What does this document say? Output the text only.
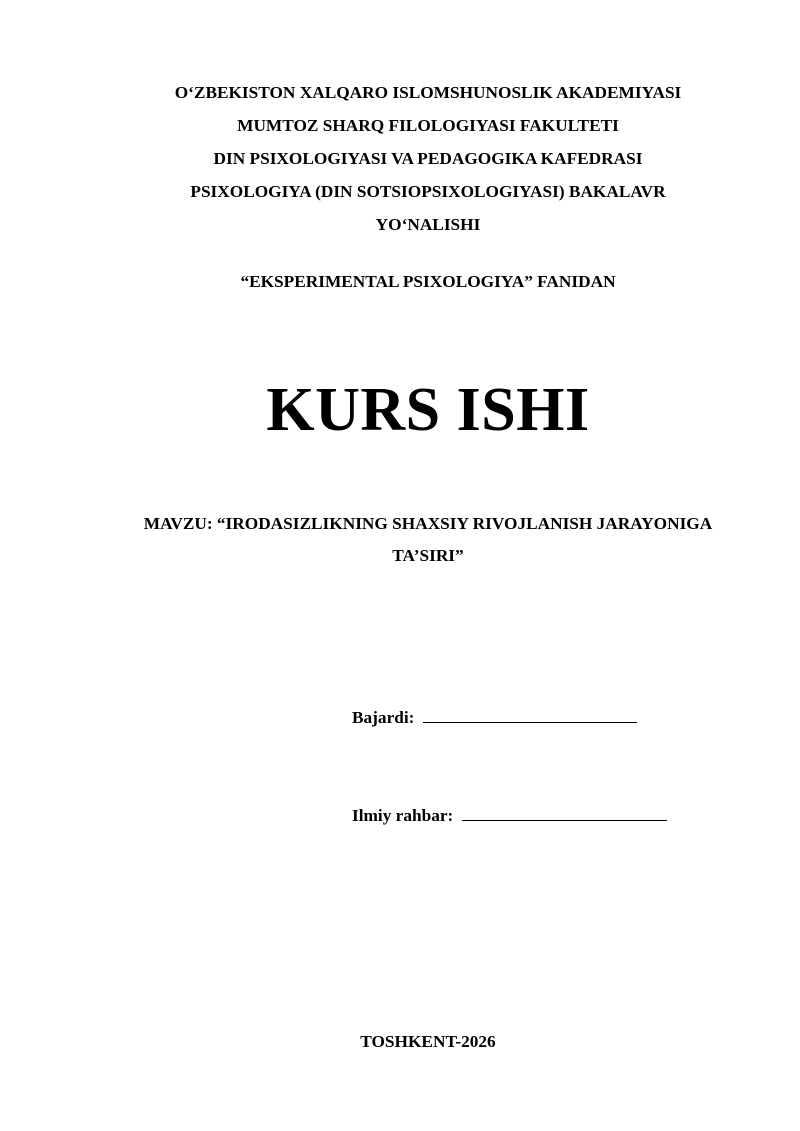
O‘ZBEKISTON XALQARO ISLOMSHUNOSLIK AKADEMIYASI
MUMTOZ SHARQ FILOLOGIYASI FAKULTETI
DIN PSIXOLOGIYASI VA PEDAGOGIKA KAFEDRASI
PSIXOLOGIYA (DIN SOTSIOPSIXOLOGIYASI) BAKALAVR
YO‘NALISHI
“EKSPERIMENTAL PSIXOLOGIYA” FANIDAN
KURS ISHI
MAVZU: “IRODASIZLIKNING SHAXSIY RIVOJLANISH JARAYONIGA
TA’SIRI”
Bajardi:
Ilmiy rahbar:
TOSHKENT-2026
